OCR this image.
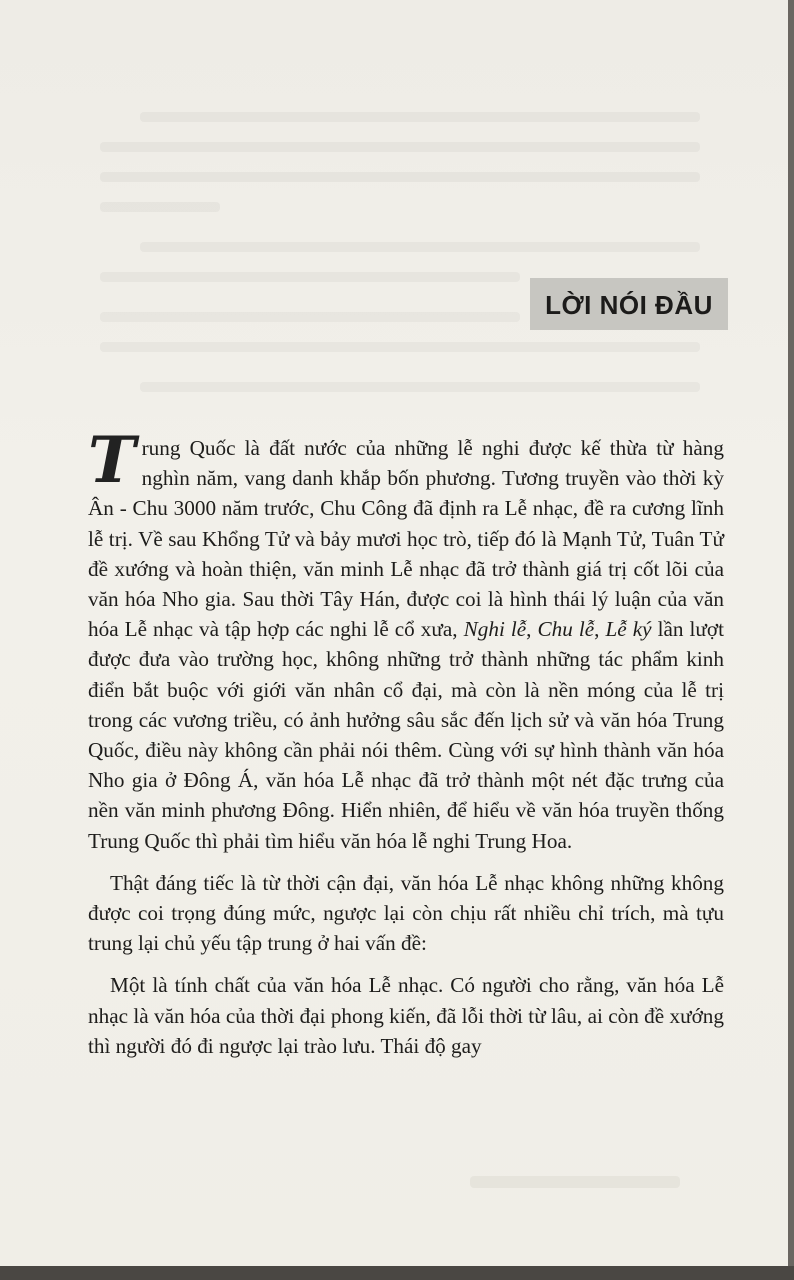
LỜI NÓI ĐẦU

Trung Quốc là đất nước của những lễ nghi được kế thừa từ hàng nghìn năm, vang danh khắp bốn phương. Tương truyền vào thời kỳ Ân - Chu 3000 năm trước, Chu Công đã định ra Lễ nhạc, đề ra cương lĩnh lễ trị. Về sau Khổng Tử và bảy mươi học trò, tiếp đó là Mạnh Tử, Tuân Tử đề xướng và hoàn thiện, văn minh Lễ nhạc đã trở thành giá trị cốt lõi của văn hóa Nho gia. Sau thời Tây Hán, được coi là hình thái lý luận của văn hóa Lễ nhạc và tập hợp các nghi lễ cổ xưa, Nghi lễ, Chu lễ, Lễ ký lần lượt được đưa vào trường học, không những trở thành những tác phẩm kinh điển bắt buộc với giới văn nhân cổ đại, mà còn là nền móng của lễ trị trong các vương triều, có ảnh hưởng sâu sắc đến lịch sử và văn hóa Trung Quốc, điều này không cần phải nói thêm. Cùng với sự hình thành văn hóa Nho gia ở Đông Á, văn hóa Lễ nhạc đã trở thành một nét đặc trưng của nền văn minh phương Đông. Hiển nhiên, để hiểu về văn hóa truyền thống Trung Quốc thì phải tìm hiểu văn hóa lễ nghi Trung Hoa.

Thật đáng tiếc là từ thời cận đại, văn hóa Lễ nhạc không những không được coi trọng đúng mức, ngược lại còn chịu rất nhiều chỉ trích, mà tựu trung lại chủ yếu tập trung ở hai vấn đề:

Một là tính chất của văn hóa Lễ nhạc. Có người cho rằng, văn hóa Lễ nhạc là văn hóa của thời đại phong kiến, đã lỗi thời từ lâu, ai còn đề xướng thì người đó đi ngược lại trào lưu. Thái độ gay
